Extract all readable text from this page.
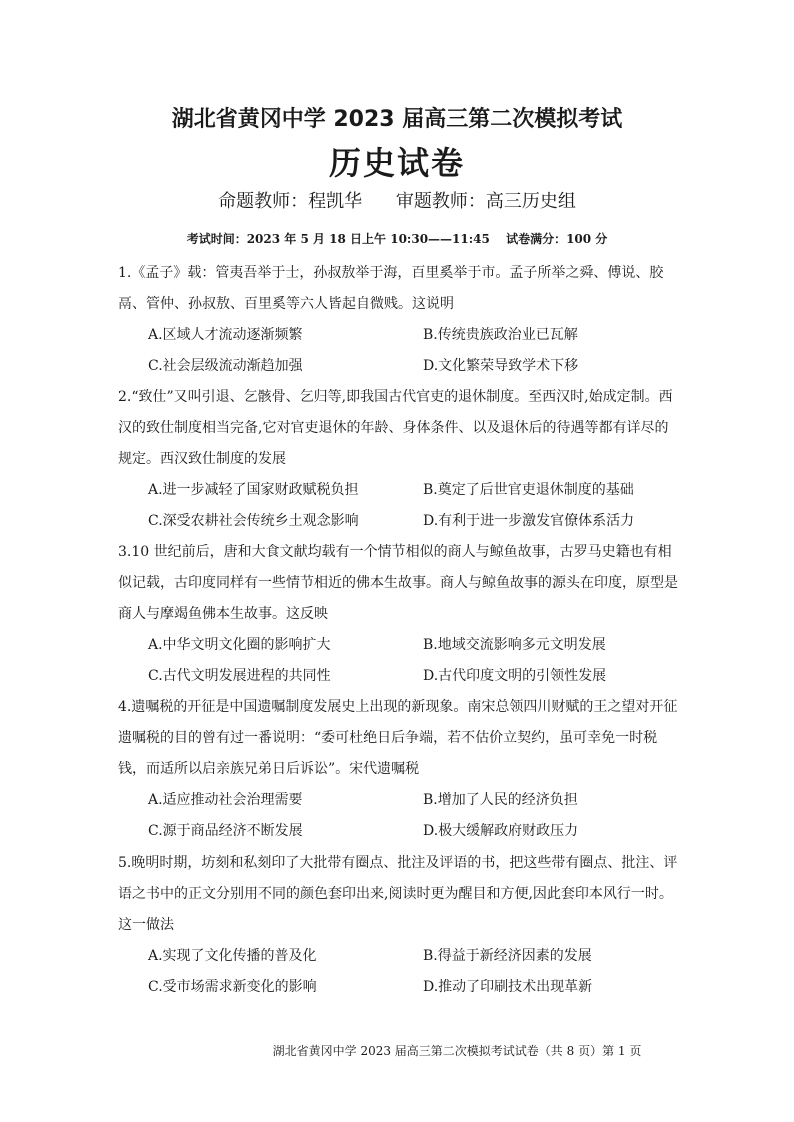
湖北省黄冈中学 2023 届高三第二次模拟考试
历史试卷
命题教师：程凯华 审题教师：高三历史组
考试时间：2023 年 5 月 18 日上午 10:30——11:45 试卷满分：100 分

1.《孟子》载：管夷吾举于士，孙叔敖举于海，百里奚举于市。孟子所举之舜、傅说、胶鬲、管仲、孙叔敖、百里奚等六人皆起自微贱。这说明

A.区域人才流动逐渐频繁	B.传统贵族政治业已瓦解
C.社会层级流动渐趋加强	D.文化繁荣导致学术下移

2.“致仕”又叫引退、乞骸骨、乞归等,即我国古代官吏的退休制度。至西汉时,始成定制。西汉的致仕制度相当完备,它对官吏退休的年龄、身体条件、以及退休后的待遇等都有详尽的规定。西汉致仕制度的发展

A.进一步减轻了国家财政赋税负担	B.奠定了后世官吏退休制度的基础
C.深受农耕社会传统乡土观念影响	D.有利于进一步激发官僚体系活力

3.10 世纪前后，唐和大食文献均载有一个情节相似的商人与鲸鱼故事，古罗马史籍也有相似记载，古印度同样有一些情节相近的佛本生故事。商人与鲸鱼故事的源头在印度，原型是商人与摩竭鱼佛本生故事。这反映

A.中华文明文化圈的影响扩大	B.地域交流影响多元文明发展
C.古代文明发展进程的共同性	D.古代印度文明的引领性发展

4.遗嘱税的开征是中国遗嘱制度发展史上出现的新现象。南宋总领四川财赋的王之望对开征遗嘱税的目的曾有过一番说明：“委可杜绝日后争端，若不估价立契约，虽可幸免一时税钱，而适所以启亲族兄弟日后诉讼”。宋代遗嘱税

A.适应推动社会治理需要	B.增加了人民的经济负担
C.源于商品经济不断发展	D.极大缓解政府财政压力

5.晚明时期，坊刻和私刻印了大批带有圈点、批注及评语的书，把这些带有圈点、批注、评语之书中的正文分别用不同的颜色套印出来,阅读时更为醒目和方便,因此套印本风行一时。这一做法

A.实现了文化传播的普及化	B.得益于新经济因素的发展
C.受市场需求新变化的影响	D.推动了印刷技术出现革新
湖北省黄冈中学 2023 届高三第二次模拟考试试卷（共 8 页）第 1 页
